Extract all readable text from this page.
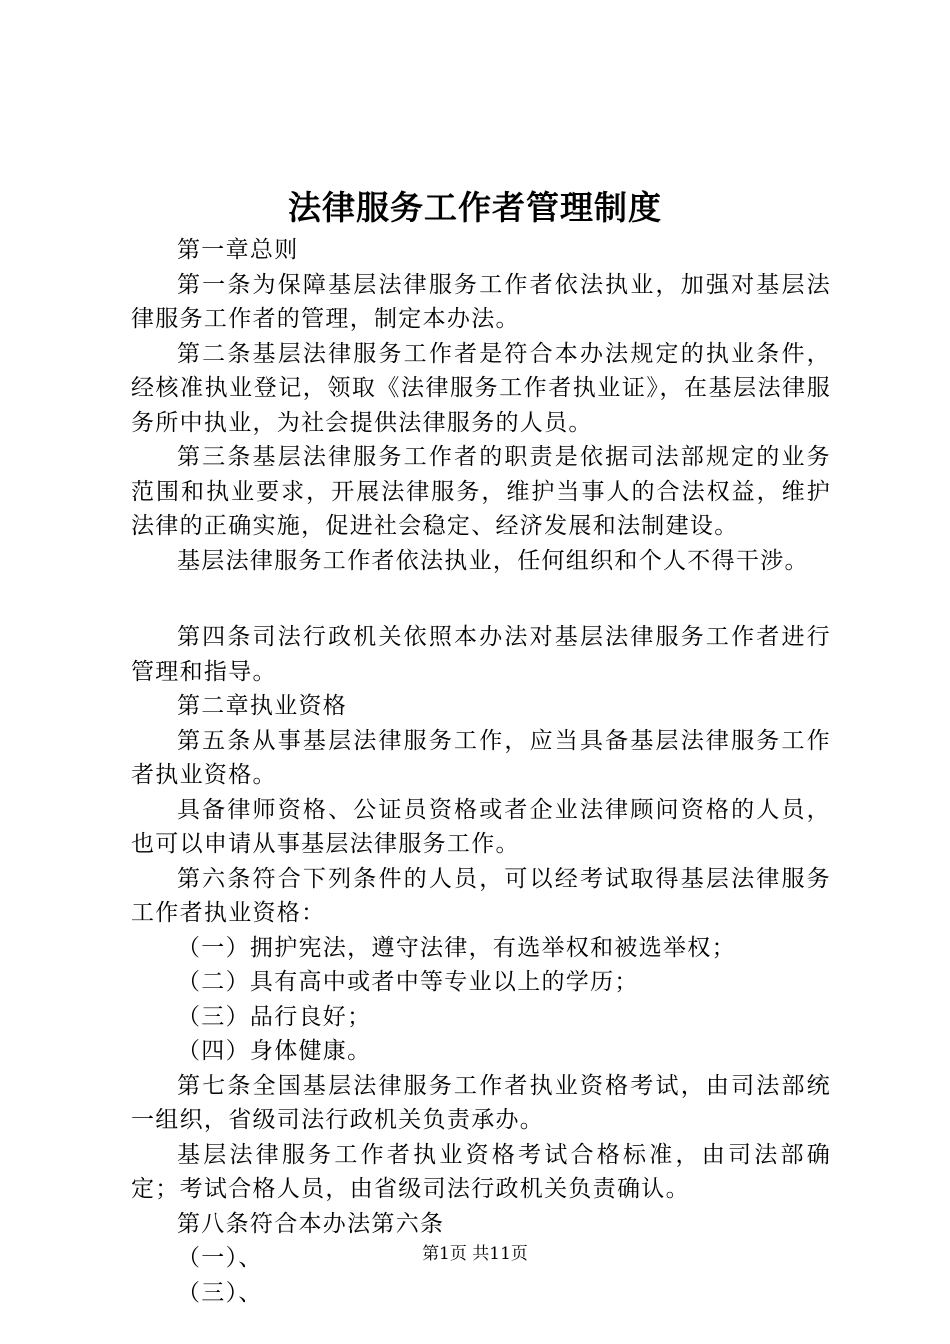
法律服务工作者管理制度

第一章总则

第一条为保障基层法律服务工作者依法执业，加强对基层法律服务工作者的管理，制定本办法。

第二条基层法律服务工作者是符合本办法规定的执业条件，经核准执业登记，领取《法律服务工作者执业证》，在基层法律服务所中执业，为社会提供法律服务的人员。

第三条基层法律服务工作者的职责是依据司法部规定的业务范围和执业要求，开展法律服务，维护当事人的合法权益，维护法律的正确实施，促进社会稳定、经济发展和法制建设。

基层法律服务工作者依法执业，任何组织和个人不得干涉。

第四条司法行政机关依照本办法对基层法律服务工作者进行管理和指导。

第二章执业资格

第五条从事基层法律服务工作，应当具备基层法律服务工作者执业资格。

具备律师资格、公证员资格或者企业法律顾问资格的人员，也可以申请从事基层法律服务工作。

第六条符合下列条件的人员，可以经考试取得基层法律服务工作者执业资格：

（一）拥护宪法，遵守法律，有选举权和被选举权；

（二）具有高中或者中等专业以上的学历；

（三）品行良好；

（四）身体健康。

第七条全国基层法律服务工作者执业资格考试，由司法部统一组织，省级司法行政机关负责承办。

基层法律服务工作者执业资格考试合格标准，由司法部确定；考试合格人员，由省级司法行政机关负责确认。

第八条符合本办法第六条

（一）、

（三）、

第1页 共11页
